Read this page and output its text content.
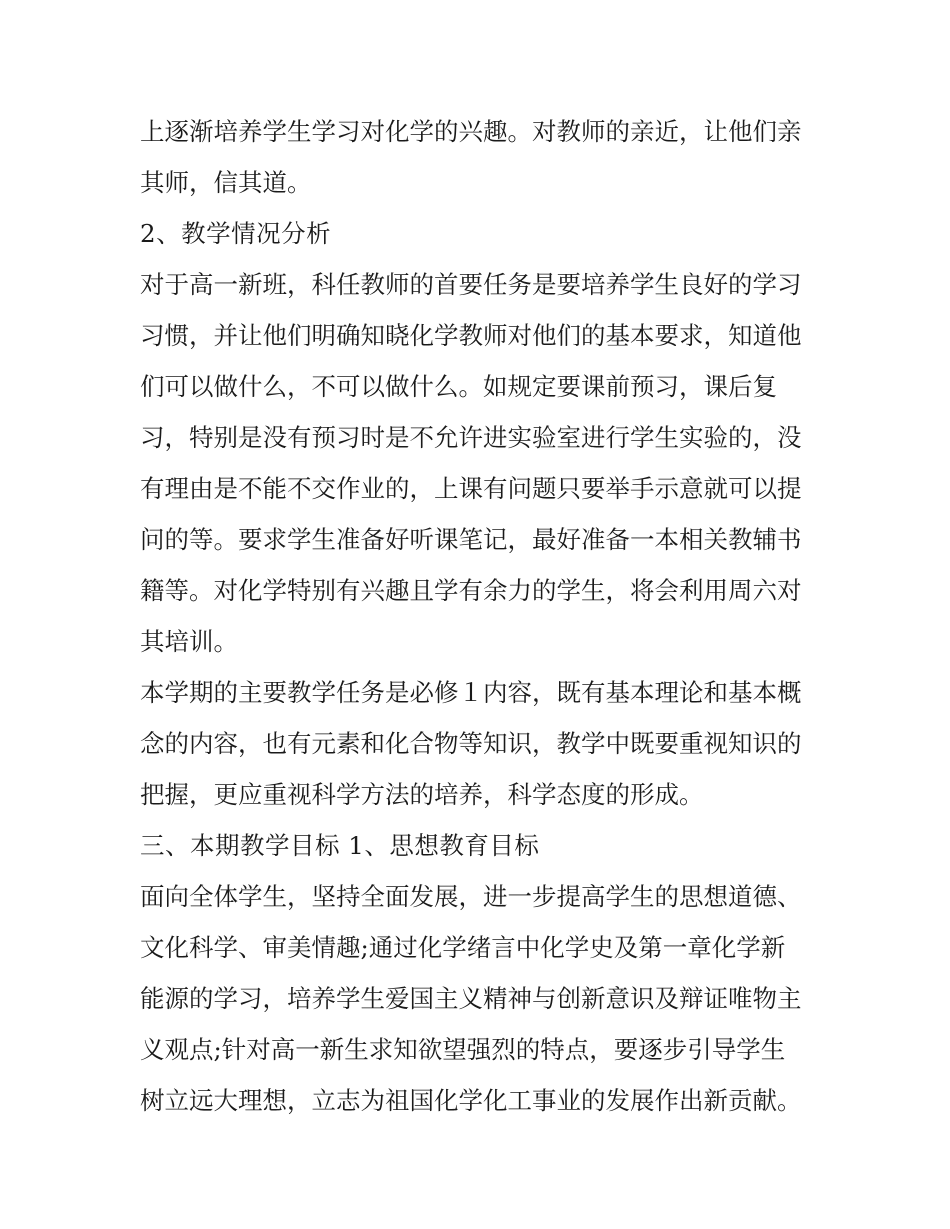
上逐渐培养学生学习对化学的兴趣。对教师的亲近，让他们亲
其师，信其道。
2、教学情况分析
对于高一新班，科任教师的首要任务是要培养学生良好的学习
习惯，并让他们明确知晓化学教师对他们的基本要求，知道他
们可以做什么，不可以做什么。如规定要课前预习，课后复
习，特别是没有预习时是不允许进实验室进行学生实验的，没
有理由是不能不交作业的，上课有问题只要举手示意就可以提
问的等。要求学生准备好听课笔记，最好准备一本相关教辅书
籍等。对化学特别有兴趣且学有余力的学生，将会利用周六对
其培训。
本学期的主要教学任务是必修１内容，既有基本理论和基本概
念的内容，也有元素和化合物等知识，教学中既要重视知识的
把握，更应重视科学方法的培养，科学态度的形成。
三、本期教学目标 1、思想教育目标
面向全体学生，坚持全面发展，进一步提高学生的思想道德、
文化科学、审美情趣;通过化学绪言中化学史及第一章化学新
能源的学习，培养学生爱国主义精神与创新意识及辩证唯物主
义观点;针对高一新生求知欲望强烈的特点，要逐步引导学生
树立远大理想，立志为祖国化学化工事业的发展作出新贡献。
